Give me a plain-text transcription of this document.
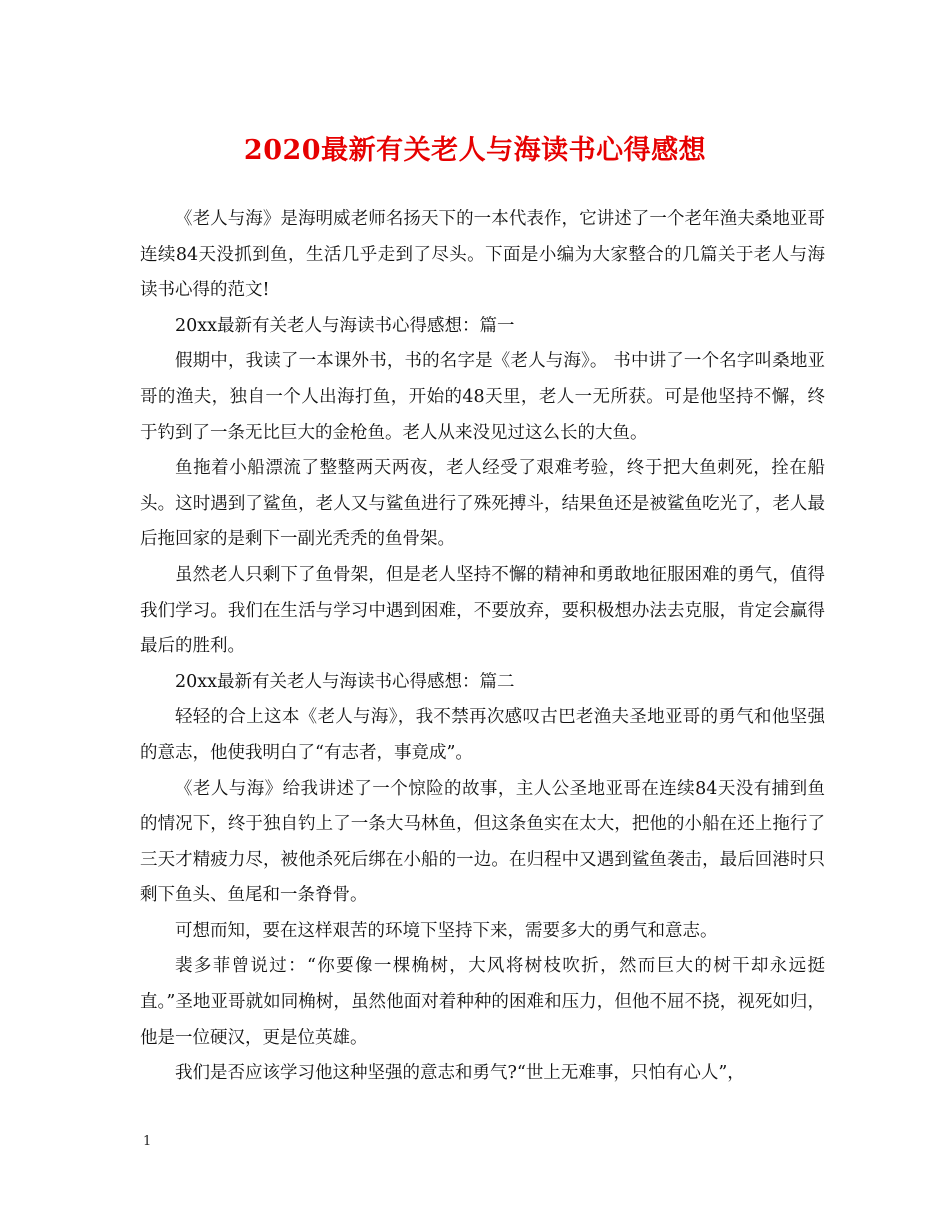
2020最新有关老人与海读书心得感想

《老人与海》是海明威老师名扬天下的一本代表作，它讲述了一个老年渔夫桑地亚哥连续84天没抓到鱼，生活几乎走到了尽头。下面是小编为大家整合的几篇关于老人与海读书心得的范文!

20xx最新有关老人与海读书心得感想：篇一

假期中，我读了一本课外书，书的名字是《老人与海》。 书中讲了一个名字叫桑地亚哥的渔夫，独自一个人出海打鱼，开始的48天里，老人一无所获。可是他坚持不懈，终于钓到了一条无比巨大的金枪鱼。老人从来没见过这么长的大鱼。

鱼拖着小船漂流了整整两天两夜，老人经受了艰难考验，终于把大鱼刺死，拴在船头。这时遇到了鲨鱼，老人又与鲨鱼进行了殊死搏斗，结果鱼还是被鲨鱼吃光了，老人最后拖回家的是剩下一副光秃秃的鱼骨架。

虽然老人只剩下了鱼骨架，但是老人坚持不懈的精神和勇敢地征服困难的勇气，值得我们学习。我们在生活与学习中遇到困难，不要放弃，要积极想办法去克服，肯定会赢得最后的胜利。

20xx最新有关老人与海读书心得感想：篇二

轻轻的合上这本《老人与海》，我不禁再次感叹古巴老渔夫圣地亚哥的勇气和他坚强的意志，他使我明白了“有志者，事竟成”。

《老人与海》给我讲述了一个惊险的故事，主人公圣地亚哥在连续84天没有捕到鱼的情况下，终于独自钓上了一条大马林鱼，但这条鱼实在太大，把他的小船在还上拖行了三天才精疲力尽，被他杀死后绑在小船的一边。在归程中又遇到鲨鱼袭击，最后回港时只剩下鱼头、鱼尾和一条脊骨。

可想而知，要在这样艰苦的环境下坚持下来，需要多大的勇气和意志。

裴多菲曾说过：“你要像一棵桷树，大风将树枝吹折，然而巨大的树干却永远挺直。”圣地亚哥就如同桷树，虽然他面对着种种的困难和压力，但他不屈不挠，视死如归，他是一位硬汉，更是位英雄。

我们是否应该学习他这种坚强的意志和勇气?“世上无难事，只怕有心人”，

1
